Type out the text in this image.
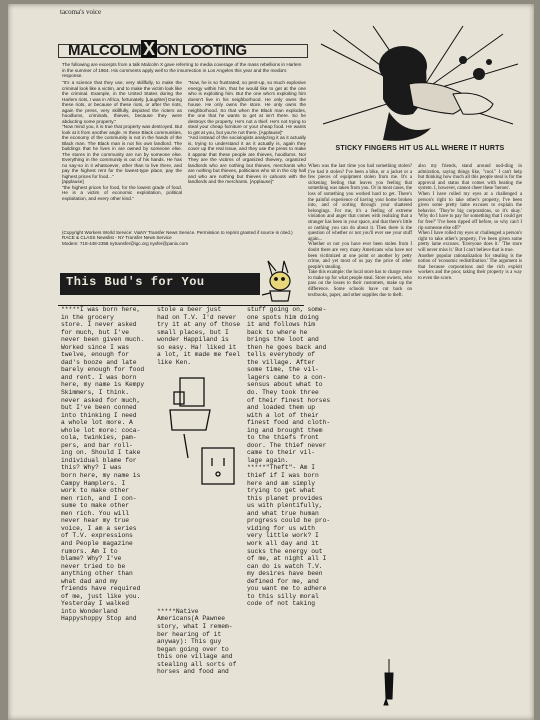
tacoma's voice
MALCOLM X ON LOOTING
The following are excerpts from a talk Malcolm X gave referring to media coverage of the mass rebellions in Harlem in the summer of 1964. His comments apply well to the insurrection in Los Angeles this year and the media's response.
"It's a science that they use, very skillfully, to make the criminal look like a victim, and to make the victim look like the criminal. Example, in the United States during the Harlem riots, I was in Africa, fortunately. [Laughter] During these riots, or because of these riots, or after the riots, again the press, very skillfully, depicted the rioters as hoodlums, criminals, thieves, because they were abducting some property."
"Now mind you, it is true that property was destroyed. But look at it from another angle. In these Black communities, the economy of the community is not in the hands of the Black man. The Black man is not his own landlord. The buildings that he lives in are owned by someone else. The stores in the community are run by someone else. Everything in the community is out of his hands. He has no say-so in it whatsoever, other than to live there, and pay the highest rent for the lowest-type place, pay the highest prices for food..."
[applause]
"the highest prices for food, for the lowest grade of food. He is a victim of economic exploitation, political exploitation, and every other kind."
"Now, he is so frustrated, so pent-up, so much explosive energy within him, that he would like to get at the one who is exploiting him. But the one who's exploiting him doesn't live in his neighborhood. He only owns the house. He only owns the store. He only owns the neighborhood. So that when the Black man explodes, the one that he wants to get at isn't there. So he destroys the property. He's not a thief. He's not trying to steal your cheap furniture or your cheap food. He wants to get at you, but you're not there. [Applause]"
"And instead of the sociologists analyzing it as it actually is, trying to understand it as it actually is, again they cover up the real issue, and they use the press to make it appear that these people are thieves, hoodlums. No! They are the victims of organized thievery, organized landlords who are nothing but thieves, merchants who are nothing but thieves, politicians who sit in the city hall and who are nothing but thieves in cahoots with the landlords and the merchants. [Applause]"
(Copyright Workers World Service: ViaNY Transfer News Service. Permission to reprint granted if source is cited.)
RACE & CLASS Newslist - NY Transfer News Service
Modem: 718-448-2358 nytransfer@igc.org nyxfer@panix.com
STICKY FINGERS HIT US ALL WHERE IT HURTS
When was the last time you had something stolen? I've had it stolen? I've been a bike, or a jacket or a few pieces of equipment stolen from me. It's a sickening feeling that leaves you feeling that something was taken from you. Or in most cases, the loss of something you worked hard to get. There's the painful experience of having your home broken into, and of sorting through your shattered belongings. For me, it's a feeling of extreme violation and anger that comes with realizing that a stranger has been in your space, and that there's little or nothing you can do about it. Then there is the question of whether or not you'll ever see your stuff again...
Whether or not you have ever been stolen from I doubt there are very many Americans who have not been victimized at one point or another by petty crime, and yet most of us pay the price of other people's stealing.
Take this example: the local store has to charge more to make up for what people steal. Store owners, who pass on the losses to their customers, make up the difference. Some schools have cut back on textbooks, paper, and other supplies due to theft.
also my friends, stand around nod-ding in admiration, saying things like, "cool." I can't help but thinking how much all this people steal is for the approval and status that comes with beating the system. I, however, cannot cheer these 'heroes'.
When I have rolled my eyes at a challenged a person's right to take other's property, I've been given some pretty lame excuses to explain the behavior. 'They're big corporations, so it's okay.' 'Why do I have to pay for something that I could get for free?' 'I've been ripped off before, so why can't I rip someone else off?'
When I have rolled my eyes or challenged a person's right to take other's property, I've been given some pretty lame excuses. 'Everyone does it.' 'The store will never miss it.' But I can't believe that is true.
Another popular rationalization for stealing is the notion of 'economic redistribution.' The argument is that because corporations and the rich exploit workers and the poor, taking their property is a way to even the score.
This Bud's for You
*****I was born here,
in the grocery
store. I never asked
for much, but I've
never been given much.
Worked since I was
twelve, enough for
dad's booze and late
barely enough for food
and rent. I was born
here, my name is Kempy
Skimmers, I think.
never asked for much,
but I've been conned
into thinking I need
a whole lot more. A
whole lot more: coca-
cola, twinkies, pam-
pers, and bar roll-
ing on. Should I take
individual blame for
this? Why? I was
born here, my name is
Campy Hamplers. I
work to make other
men rich, and I con-
sume to make other
men rich. You will
never hear my true
voice, I am a series
of T.V. expressions
and People magazine
rumors. Am I to
blame? Why? I've
never tried to be
anything other than
what dad and my
friends have required
of me, just like you.
Yesterday I walked
into Wonderland
Happyshoppy Stop and
stole a beer just
had on T.V. I'd never
try it at any of those
small places, but I
wonder Happiland is
so easy. Ha! liked it
a lot, it made me feel
like Ken.

*****Native
Americans(A Pawnee
story, what I remem-
ber hearing of it
anyway): This guy
began going over to
this one village and
stealing all sorts of
horses and food and
stuff going on, some-
one spots him doing
it and follows him
back to where he
brings the loot and
then he goes back and
tells everybody of
the village. After
some time, the vil-
lagers came to a con-
sensus about what to
do. They took three
of their finest horses
and loaded them up
with a lot of their
finest food and cloth-
ing and brought them
to the thiefs front
door. The thief never
came to their vil-
lage again.
*****"Theft"- Am I
thief if I was born
here and am simply
trying to get what
this planet provides
us with plentifully,
and what true human
progress could be pro-
viding for us with
very little work? I
work all day and it
sucks the energy out
of me, at night all I
can do is watch T.V.
my desires have been
defined for me, and
you want me to adhere
to this silly moral
code of not taking
